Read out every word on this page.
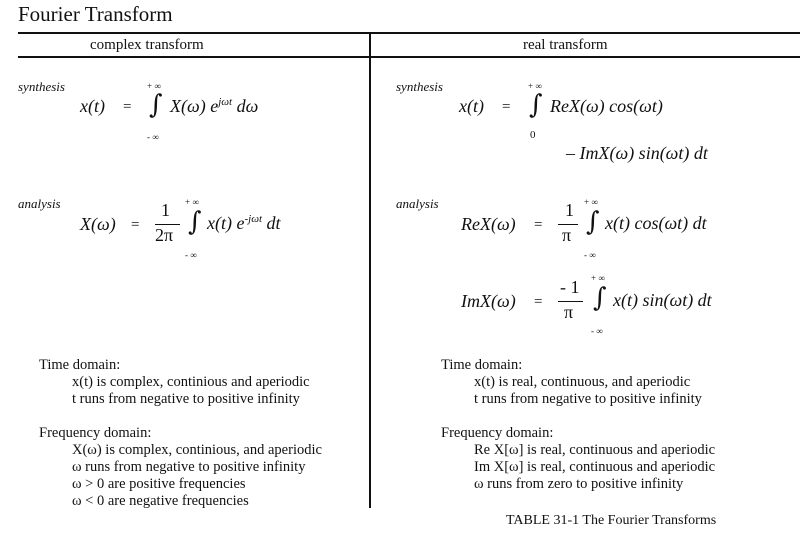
Fourier Transform
complex transform	real transform
synthesis
x(t) =
+ ∞
∫
- ∞
X(ω) $e^{j\omega t}$ dω
analysis
X(ω) =
1
2π
+ ∞
∫
- ∞
x(t) $e^{-j\omega t}$ dt
synthesis
x(t) =
+ ∞
∫
0
ReX(ω) cos(ωt)
– ImX(ω) sin(ωt) dt
analysis
ReX(ω) =
1
π
+ ∞
∫
- ∞
x(t) cos(ωt) dt
ImX(ω) =
- 1
π
+ ∞
∫
- ∞
x(t) sin(ωt) dt
Time domain:
x(t) is complex, continious and aperiodic
t runs from negative to positive infinity
Frequency domain:
X(ω) is complex, continious, and aperiodic
ω runs from negative to positive infinity
ω > 0 are positive frequencies
ω < 0 are negative frequencies
Time domain:
x(t) is real, continuous, and aperiodic
t runs from negative to positive infinity
Frequency domain:
Re X[ω] is real, continuous and aperiodic
Im X[ω] is real, continuous and aperiodic
ω runs from zero to positive infinity
TABLE 31-1 The Fourier Transforms
